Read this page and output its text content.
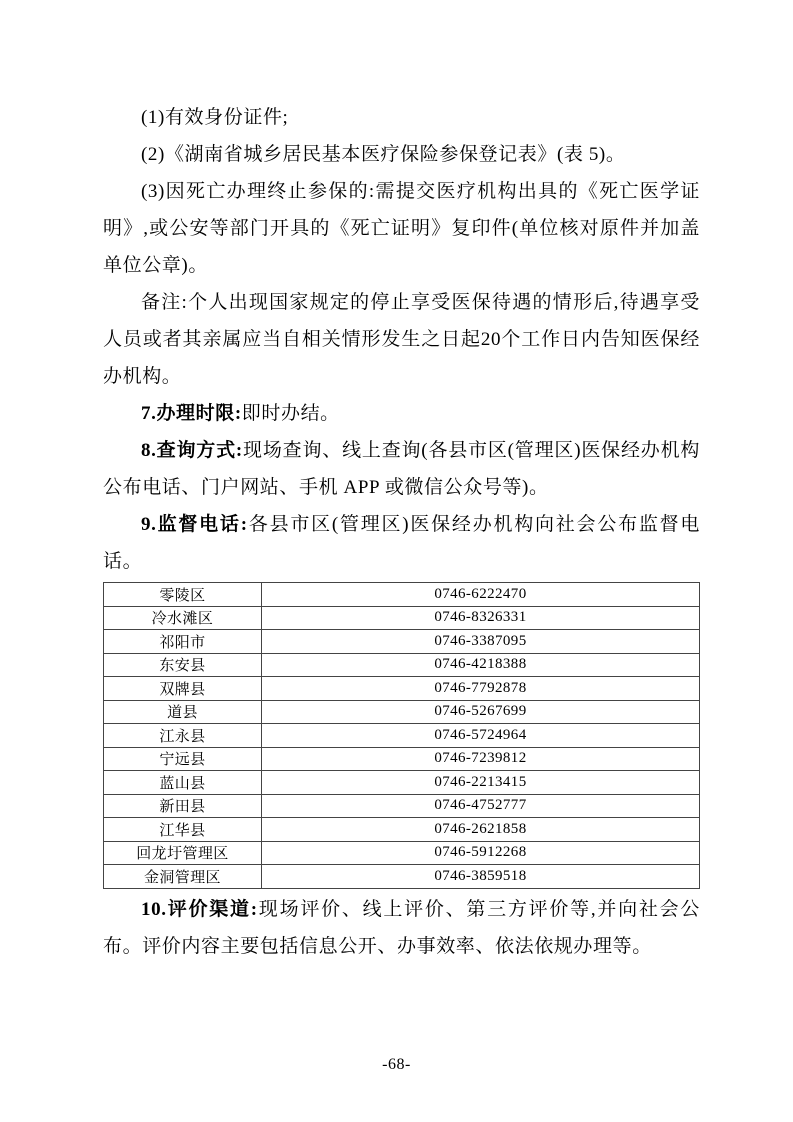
(1)有效身份证件;

(2)《湖南省城乡居民基本医疗保险参保登记表》(表 5)。

(3)因死亡办理终止参保的:需提交医疗机构出具的《死亡医学证明》,或公安等部门开具的《死亡证明》复印件(单位核对原件并加盖单位公章)。

备注:个人出现国家规定的停止享受医保待遇的情形后,待遇享受人员或者其亲属应当自相关情形发生之日起20个工作日内告知医保经办机构。

7.办理时限:即时办结。

8.查询方式:现场查询、线上查询(各县市区(管理区)医保经办机构公布电话、门户网站、手机 APP 或微信公众号等)。

9.监督电话:各县市区(管理区)医保经办机构向社会公布监督电话。

零陵区	0746-6222470
冷水滩区	0746-8326331
祁阳市	0746-3387095
东安县	0746-4218388
双牌县	0746-7792878
道县	0746-5267699
江永县	0746-5724964
宁远县	0746-7239812
蓝山县	0746-2213415
新田县	0746-4752777
江华县	0746-2621858
回龙圩管理区	0746-5912268
金洞管理区	0746-3859518

10.评价渠道:现场评价、线上评价、第三方评价等,并向社会公布。评价内容主要包括信息公开、办事效率、依法依规办理等。

-68-
